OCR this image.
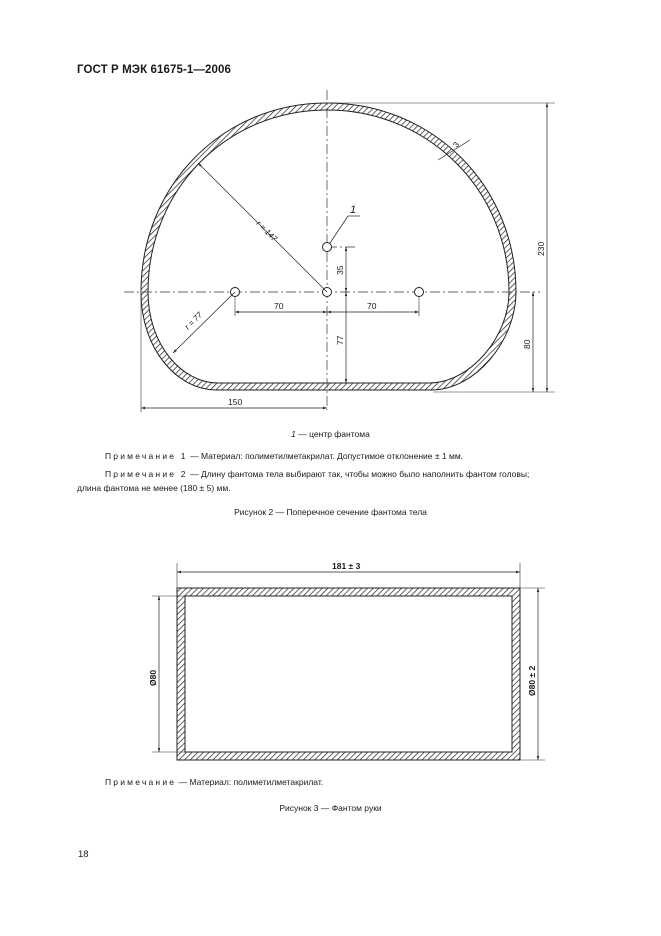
ГОСТ Р МЭК 61675-1—2006
1
r = 147
r = 77
3
230
80
35
77
70	70
150
1 — центр фантома
Примечание 1 — Материал: полиметилметакрилат. Допустимое отклонение ± 1 мм.
Примечание 2 — Длину фантома тела выбирают так, чтобы можно было наполнить фантом головы;
длина фантома не менее (180 ± 5) мм.
Рисунок 2 — Поперечное сечение фантома тела
181 ± 3
Ø80	Ø80 ± 2
Примечание — Материал: полиметилметакрилат.
Рисунок 3 — Фантом руки
18
